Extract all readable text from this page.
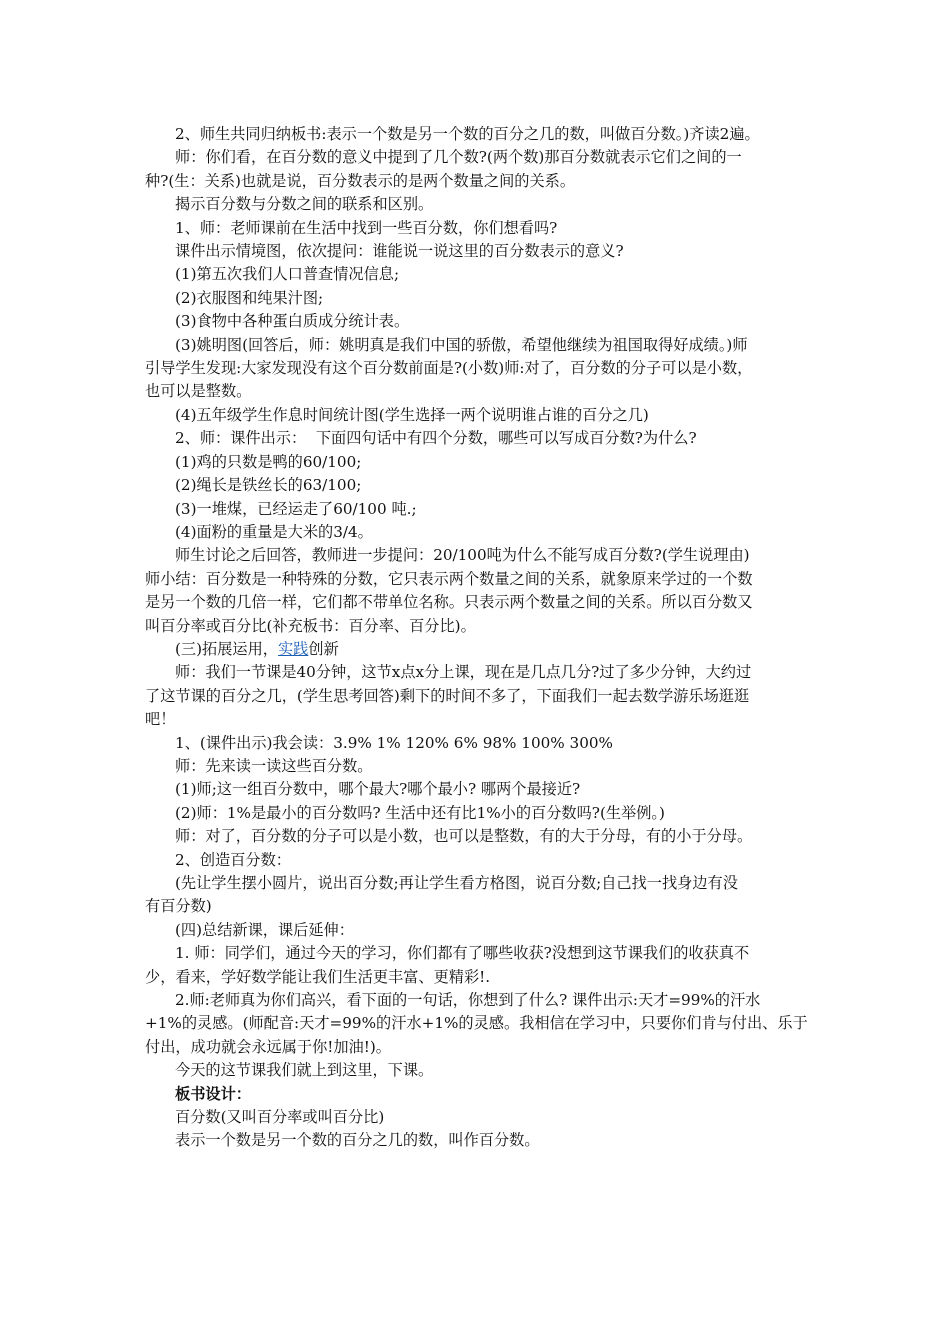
2、师生共同归纳板书:表示一个数是另一个数的百分之几的数，叫做百分数。)齐读2遍。

师：你们看，在百分数的意义中提到了几个数?(两个数)那百分数就表示它们之间的一
种?(生：关系)也就是说，百分数表示的是两个数量之间的关系。

揭示百分数与分数之间的联系和区别。

1、师：老师课前在生活中找到一些百分数，你们想看吗?

课件出示情境图，依次提问：谁能说一说这里的百分数表示的意义?

(1)第五次我们人口普查情况信息;

(2)衣服图和纯果汁图;

(3)食物中各种蛋白质成分统计表。

(3)姚明图(回答后，师：姚明真是我们中国的骄傲，希望他继续为祖国取得好成绩。)师
引导学生发现:大家发现没有这个百分数前面是?(小数)师:对了，百分数的分子可以是小数，
也可以是整数。

(4)五年级学生作息时间统计图(学生选择一两个说明谁占谁的百分之几)

2、师：课件出示：  下面四句话中有四个分数，哪些可以写成百分数?为什么?

(1)鸡的只数是鸭的60/100;

(2)绳长是铁丝长的63/100;

(3)一堆煤，已经运走了60/100 吨.;

(4)面粉的重量是大米的3/4。

师生讨论之后回答，教师进一步提问：20/100吨为什么不能写成百分数?(学生说理由)
师小结：百分数是一种特殊的分数，它只表示两个数量之间的关系，就象原来学过的一个数
是另一个数的几倍一样，它们都不带单位名称。只表示两个数量之间的关系。所以百分数又
叫百分率或百分比(补充板书：百分率、百分比)。

(三)拓展运用，实践创新

师：我们一节课是40分钟，这节x点x分上课，现在是几点几分?过了多少分钟，大约过
了这节课的百分之几，(学生思考回答)剩下的时间不多了，下面我们一起去数学游乐场逛逛
吧！

1、(课件出示)我会读：3.9% 1% 120% 6% 98% 100% 300%

师：先来读一读这些百分数。

(1)师;这一组百分数中，哪个最大?哪个最小? 哪两个最接近?

(2)师：1%是最小的百分数吗? 生活中还有比1%小的百分数吗?(生举例。)

师：对了，百分数的分子可以是小数，也可以是整数，有的大于分母，有的小于分母。

2、创造百分数：

(先让学生摆小圆片，说出百分数;再让学生看方格图，说百分数;自己找一找身边有没
有百分数)

(四)总结新课，课后延伸：

1. 师：同学们，通过今天的学习，你们都有了哪些收获?没想到这节课我们的收获真不
少，看来，学好数学能让我们生活更丰富、更精彩!.

2.师:老师真为你们高兴，看下面的一句话，你想到了什么? 课件出示:天才=99%的汗水
+1%的灵感。(师配音:天才=99%的汗水+1%的灵感。我相信在学习中，只要你们肯与付出、乐于
付出，成功就会永远属于你!加油!)。

今天的这节课我们就上到这里，下课。

板书设计：

百分数(又叫百分率或叫百分比)

表示一个数是另一个数的百分之几的数，叫作百分数。
